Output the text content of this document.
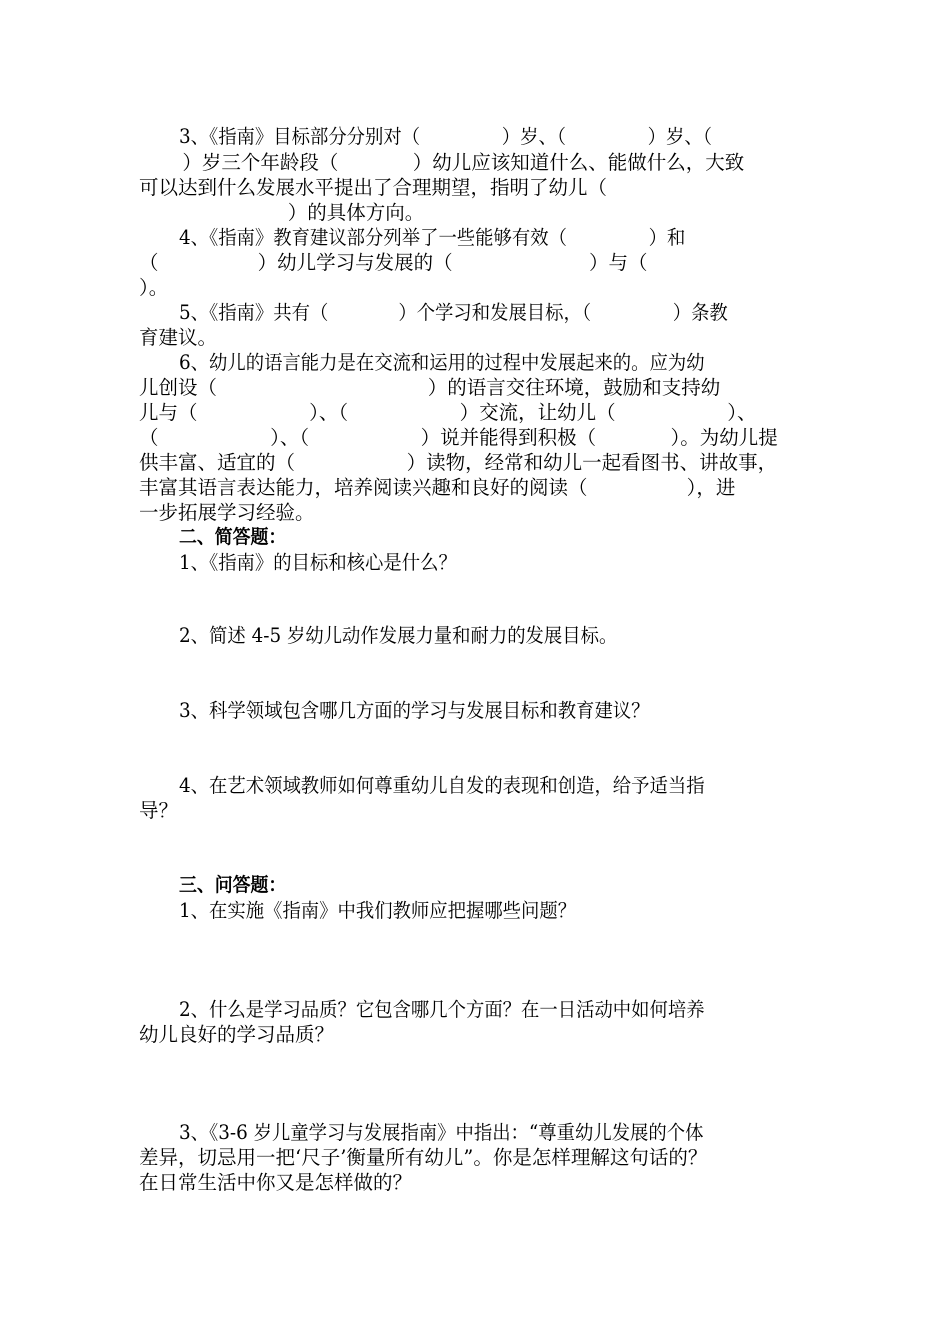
3、《指南》目标部分分别对（              ）岁、（              ）岁、（
）岁三个年龄段（            ）幼儿应该知道什么、能做什么，大致
可以达到什么发展水平提出了合理期望，指明了幼儿（
）的具体方向。
4、《指南》教育建议部分列举了一些能够有效（              ）和
（                ）幼儿学习与发展的（                      ）与（
）。
5、《指南》共有（            ）个学习和发展目标，（              ）条教
育建议。
6、幼儿的语言能力是在交流和运用的过程中发展起来的。应为幼
儿创设（                                  ）的语言交往环境，鼓励和支持幼
儿与（                  ）、（                  ）交流，让幼儿（                  ）、
（                  ）、（                  ）说并能得到积极（            ）。为幼儿提
供丰富、适宜的（                  ）读物，经常和幼儿一起看图书、讲故事，
丰富其语言表达能力，培养阅读兴趣和良好的阅读（                ），进
一步拓展学习经验。
二、简答题：
1、《指南》的目标和核心是什么？
2、简述 4-5 岁幼儿动作发展力量和耐力的发展目标。
3、科学领域包含哪几方面的学习与发展目标和教育建议？
4、在艺术领域教师如何尊重幼儿自发的表现和创造，给予适当指
导？
三、问答题：
1、在实施《指南》中我们教师应把握哪些问题？
2、什么是学习品质？它包含哪几个方面？在一日活动中如何培养
幼儿良好的学习品质？
3、《3-6 岁儿童学习与发展指南》中指出：“尊重幼儿发展的个体
差异，切忌用一把‘尺子’衡量所有幼儿”。你是怎样理解这句话的？
在日常生活中你又是怎样做的？
